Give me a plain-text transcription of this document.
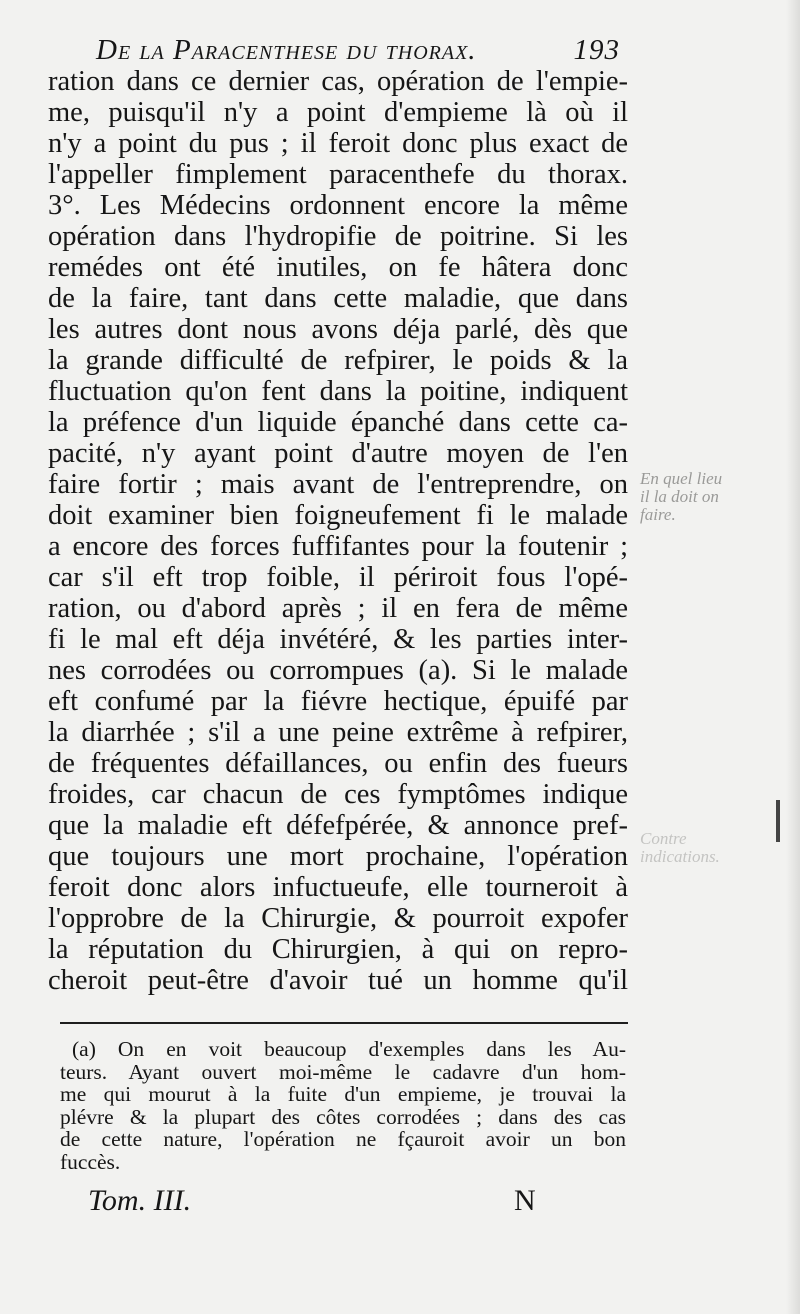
De la Paracenthese du thorax.	193
ration dans ce dernier cas, opération de l'empie-
me, puisqu'il n'y a point d'empieme là où il
n'y a point du pus ; il feroit donc plus exact de
l'appeller fimplement paracenthefe du thorax.
3°. Les Médecins ordonnent encore la même
opération dans l'hydropifie de poitrine. Si les
remédes ont été inutiles, on fe hâtera donc
de la faire, tant dans cette maladie, que dans
les autres dont nous avons déja parlé, dès que
la grande difficulté de refpirer, le poids & la
fluctuation qu'on fent dans la poitine, indiquent
la préfence d'un liquide épanché dans cette ca-
pacité, n'y ayant point d'autre moyen de l'en
faire fortir ; mais avant de l'entreprendre, on
doit examiner bien foigneufement fi le malade
a encore des forces fuffifantes pour la foutenir ;
car s'il eft trop foible, il périroit fous l'opé-
ration, ou d'abord après ; il en fera de même
fi le mal eft déja invétéré, & les parties inter-
nes corrodées ou corrompues (a). Si le malade
eft confumé par la fiévre hectique, épuifé par
la diarrhée ; s'il a une peine extrême à refpirer,
de fréquentes défaillances, ou enfin des fueurs
froides, car chacun de ces fymptômes indique
que la maladie eft défefpérée, & annonce pref-
que toujours une mort prochaine, l'opération
feroit donc alors infuctueufe, elle tourneroit à
l'opprobre de la Chirurgie, & pourroit expofer
la réputation du Chirurgien, à qui on repro-
cheroit peut-être d'avoir tué un homme qu'il
(a) On en voit beaucoup d'exemples dans les Au-
teurs. Ayant ouvert moi-même le cadavre d'un hom-
me qui mourut à la fuite d'un empieme, je trouvai la
plévre & la plupart des côtes corrodées ; dans des cas
de cette nature, l'opération ne fçauroit avoir un bon
fuccès.
Tom. III.	N
En quel lieu
il la doit on
faire.
Contre
indications.
